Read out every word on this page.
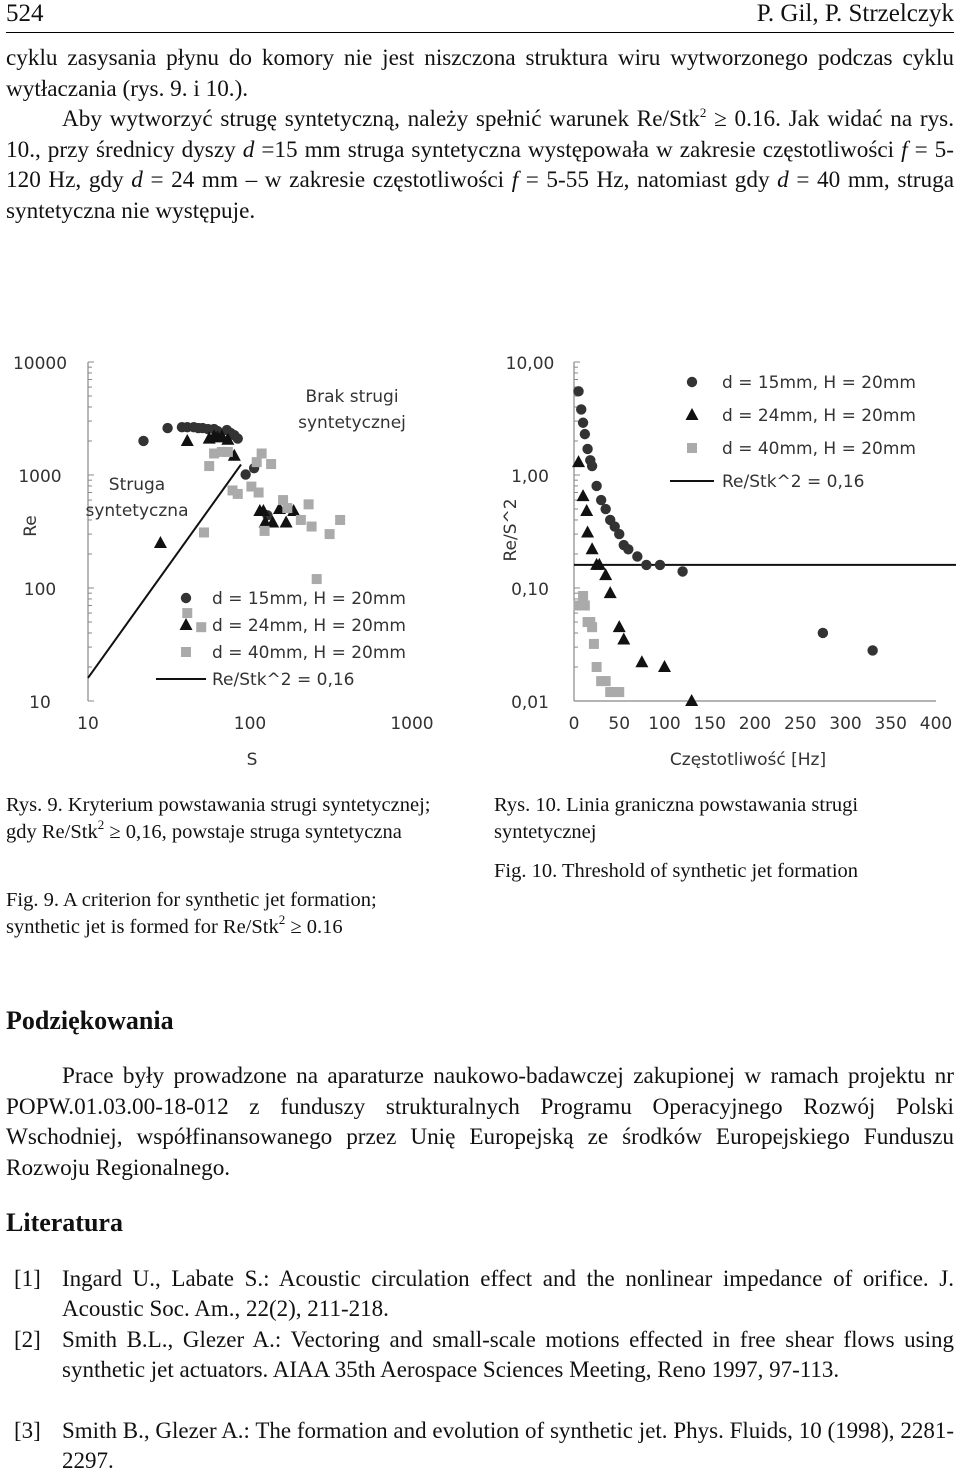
524	P. Gil, P. Strzelczyk

cyklu zasysania płynu do komory nie jest niszczona struktura wiru wytworzonego podczas cyklu wytłaczania (rys. 9. i 10.).

Aby wytworzyć strugę syntetyczną, należy spełnić warunek Re/Stk$^2$ ≥ 0.16. Jak widać na rys. 10., przy średnicy dyszy d =15 mm struga syntetyczna występowała w zakresie częstotliwości f = 5-120 Hz, gdy d = 24 mm – w zakresie częstotliwości f = 5-55 Hz, natomiast gdy d = 40 mm, struga syntetyczna nie występuje.

10000
1000
100
10
10	100	1000
Re
S
Brak strugi
syntetycznej
Struga
syntetyczna
d = 15mm, H = 20mm
d = 24mm, H = 20mm
d = 40mm, H = 20mm
Re/Stk^2 = 0,16
10,00
1,00
0,10
0,01
0 50 100 150 200 250 300 350 400
Re/S^2
Częstotliwość [Hz]
d = 15mm, H = 20mm
d = 24mm, H = 20mm
d = 40mm, H = 20mm
Re/Stk^2 = 0,16

Rys. 9. Kryterium powstawania strugi syntetycznej; gdy Re/Stk$^2$ ≥ 0,16, powstaje struga syntetyczna

Fig. 9. A criterion for synthetic jet formation; synthetic jet is formed for Re/Stk$^2$ ≥ 0.16

Rys. 10. Linia graniczna powstawania strugi syntetycznej

Fig. 10. Threshold of synthetic jet formation

Podziękowania

Prace były prowadzone na aparaturze naukowo-badawczej zakupionej w ramach projektu nr POPW.01.03.00-18-012 z funduszy strukturalnych Programu Operacyjnego Rozwój Polski Wschodniej, współfinansowanego przez Unię Europejską ze środków Europejskiego Funduszu Rozwoju Regionalnego.

Literatura
[1] Ingard U., Labate S.: Acoustic circulation effect and the nonlinear impedance of orifice. J. Acoustic Soc. Am., 22(2), 211-218.
[2] Smith B.L., Glezer A.: Vectoring and small-scale motions effected in free shear flows using synthetic jet actuators. AIAA 35th Aerospace Sciences Meeting, Reno 1997, 97-113.
[3] Smith B., Glezer A.: The formation and evolution of synthetic jet. Phys. Fluids, 10 (1998), 2281-2297.
